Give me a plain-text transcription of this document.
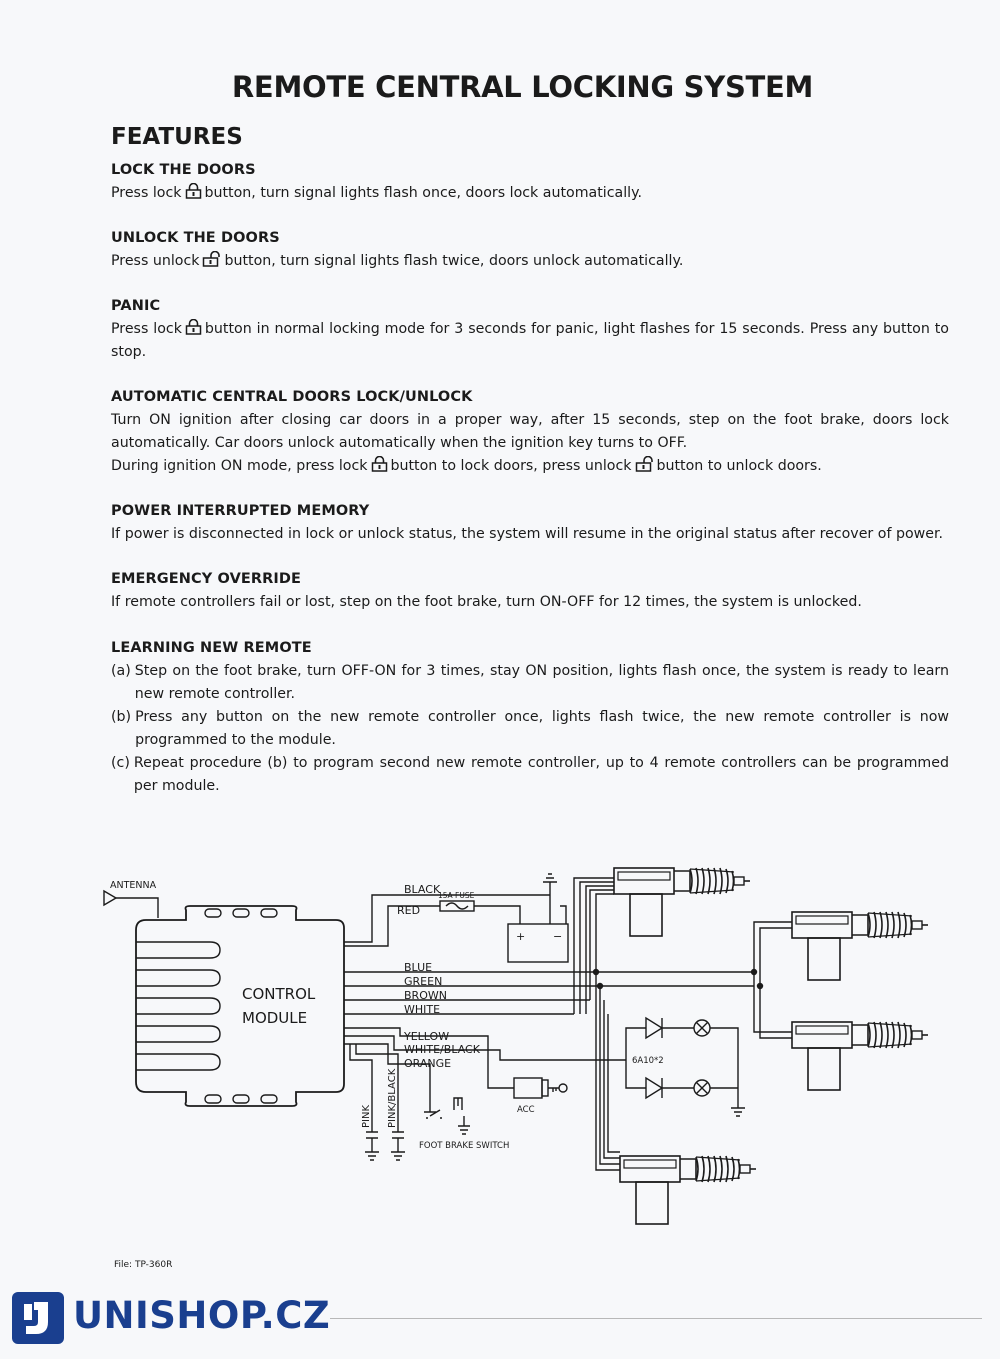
REMOTE CENTRAL LOCKING SYSTEM
FEATURES
LOCK THE DOORS

Press lock button, turn signal lights flash once, doors lock automatically.

UNLOCK THE DOORS

Press unlock button, turn signal lights flash twice, doors unlock automatically.

PANIC

Press lock button in normal locking mode for 3 seconds for panic, light flashes for 15 seconds. Press any button to stop.

AUTOMATIC CENTRAL DOORS LOCK/UNLOCK

Turn ON ignition after closing car doors in a proper way, after 15 seconds, step on the foot brake, doors lock automatically. Car doors unlock automatically when the ignition key turns to OFF.

During ignition ON mode, press lock button to lock doors, press unlock button to unlock doors.

POWER INTERRUPTED MEMORY

If power is disconnected in lock or unlock status, the system will resume in the original status after recover of power.

EMERGENCY OVERRIDE

If remote controllers fail or lost, step on the foot brake, turn ON-OFF for 12 times, the system is unlocked.

LEARNING NEW REMOTE
(a) Step on the foot brake, turn OFF-ON for 3 times, stay ON position, lights flash once, the system is ready to learn new remote controller.
(b) Press any button on the new remote controller once, lights flash twice, the new remote controller is now programmed to the module.
(c) Repeat procedure (b) to program second new remote controller, up to 4 remote controllers can be programmed per module.
ANTENNA
CONTROL
MODULE
BLACK
RED
15A FUSE
+	−
BLUE
GREEN
BROWN
WHITE
YELLOW
WHITE/BLACK
ORANGE	6A10*2
ACC
FOOT BRAKE SWITCH
PINK PINK/BLACK
File: TP-360R
UNISHOP.CZ
